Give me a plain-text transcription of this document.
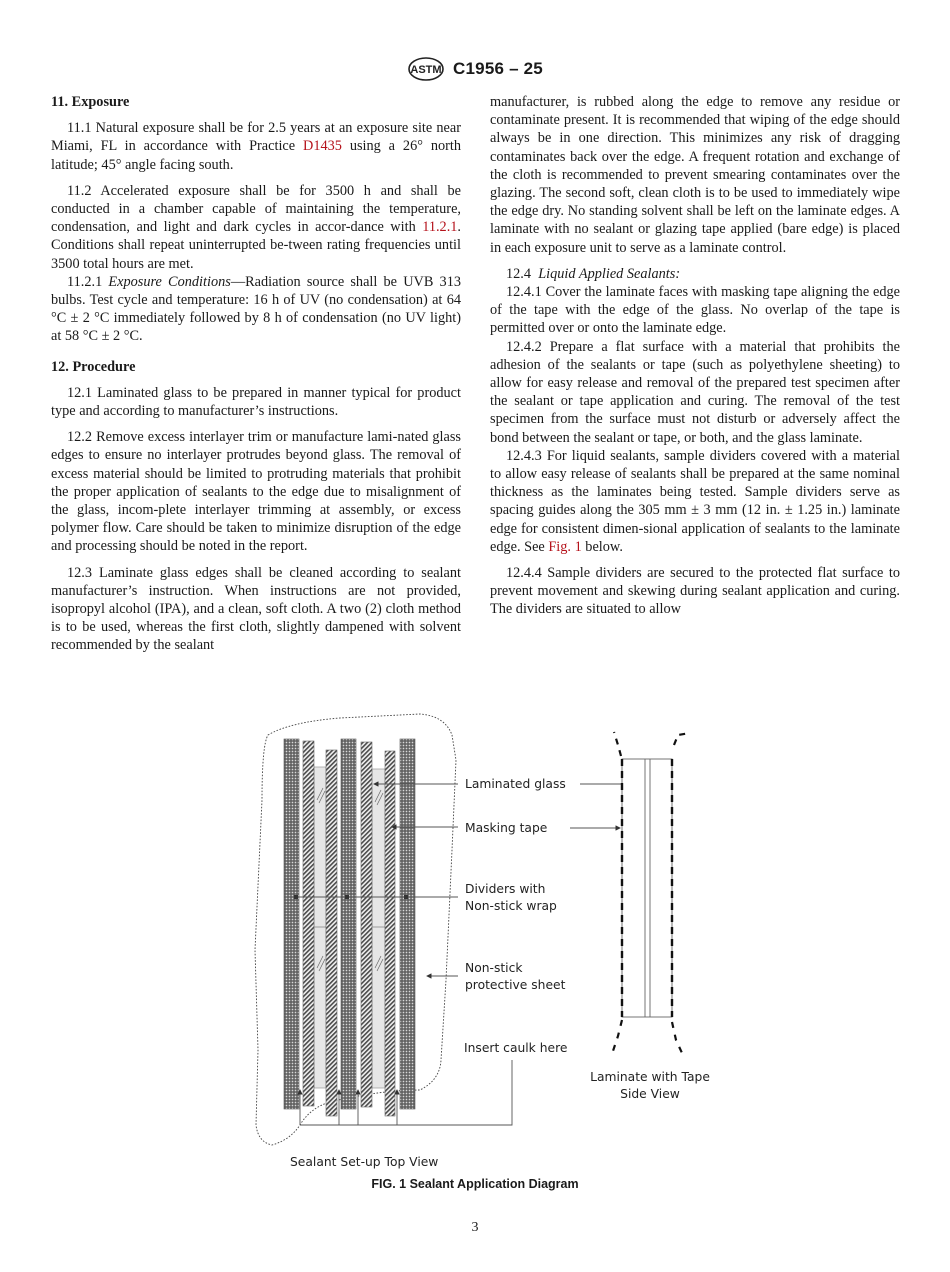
ASTM C1956 – 25
11. Exposure

11.1 Natural exposure shall be for 2.5 years at an exposure site near Miami, FL in accordance with Practice D1435 using a 26° north latitude; 45° angle facing south.

11.2 Accelerated exposure shall be for 3500 h and shall be conducted in a chamber capable of maintaining the temperature, condensation, and light and dark cycles in accor-dance with 11.2.1. Conditions shall repeat uninterrupted be-tween rating frequencies until 3500 total hours are met.

11.2.1 Exposure Conditions—Radiation source shall be UVB 313 bulbs. Test cycle and temperature: 16 h of UV (no condensation) at 64 °C ± 2 °C immediately followed by 8 h of condensation (no UV light) at 58 °C ± 2 °C.

12. Procedure

12.1 Laminated glass to be prepared in manner typical for product type and according to manufacturer’s instructions.

12.2 Remove excess interlayer trim or manufacture lami-nated glass edges to ensure no interlayer protrudes beyond glass. The removal of excess material should be limited to protruding materials that prohibit the proper application of sealants to the edge due to misalignment of the glass, incom-plete interlayer trimming at assembly, or excess polymer flow. Care should be taken to minimize disruption of the edge and processing should be noted in the report.

12.3 Laminate glass edges shall be cleaned according to sealant manufacturer’s instruction. When instructions are not provided, isopropyl alcohol (IPA), and a clean, soft cloth. A two (2) cloth method is to be used, whereas the first cloth, slightly dampened with solvent recommended by the sealant

manufacturer, is rubbed along the edge to remove any residue or contaminate present. It is recommended that wiping of the edge should always be in one direction. This minimizes any risk of dragging contaminates back over the edge. A frequent rotation and exchange of the cloth is recommended to prevent smearing contaminates over the glazing. The second soft, clean cloth is to be used to immediately wipe the edge dry. No standing solvent shall be left on the laminate edges. A laminate with no sealant or glazing tape applied (bare edge) is placed in each exposure unit to serve as a laminate control.

12.4 Liquid Applied Sealants:

12.4.1 Cover the laminate faces with masking tape aligning the edge of the tape with the edge of the glass. No overlap of the tape is permitted over or onto the laminate edge.

12.4.2 Prepare a flat surface with a material that prohibits the adhesion of the sealants or tape (such as polyethylene sheeting) to allow for easy release and removal of the prepared test specimen after the sealant or tape application and curing. The removal of the test specimen from the surface must not disturb or adversely affect the bond between the sealant or tape, or both, and the glass laminate.

12.4.3 For liquid sealants, sample dividers covered with a material to allow easy release of sealants shall be prepared at the same nominal thickness as the laminates being tested. Sample dividers serve as spacing guides along the 305 mm ± 3 mm (12 in. ± 1.25 in.) laminate edge for consistent dimen-sional application of sealants to the laminate edge. See Fig. 1 below.

12.4.4 Sample dividers are secured to the protected flat surface to prevent movement and skewing during sealant application and curing. The dividers are situated to allow

Laminated glass
Masking tape
Dividers with
Non-stick wrap
Non-stick
protective sheet
Insert caulk here
Laminate with Tape
Side View
Sealant Set-up Top View
FIG. 1 Sealant Application Diagram
3
